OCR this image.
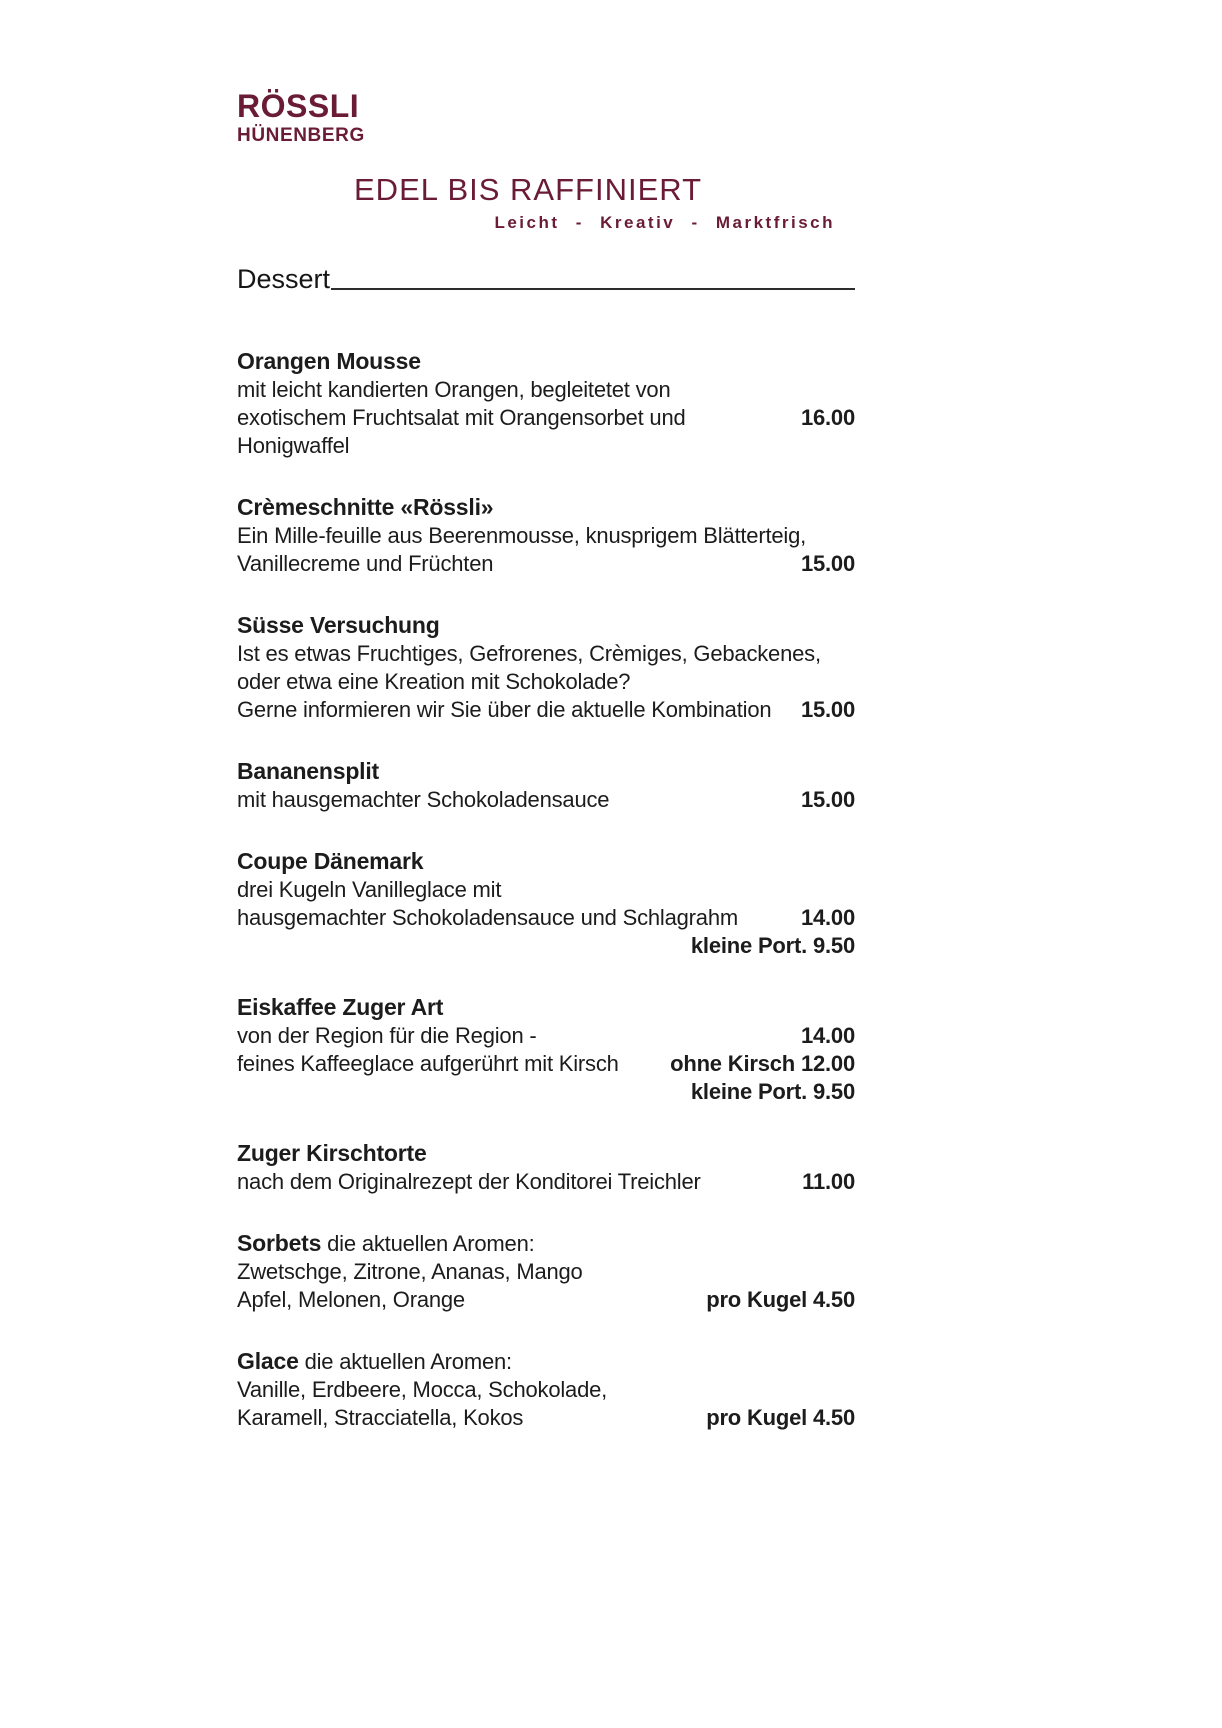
RÖSSLI
HÜNENBERG
EDEL BIS RAFFINIERT
Leicht - Kreativ - Marktfrisch
Dessert
Orangen Mousse
mit leicht kandierten Orangen, begleitetet von
exotischem Fruchtsalat mit Orangensorbet und Honigwaffel
16.00
Crèmeschnitte «Rössli»
Ein Mille-feuille aus Beerenmousse, knusprigem Blätterteig,
Vanillecreme und Früchten	15.00
Süsse Versuchung
Ist es etwas Fruchtiges, Gefrorenes, Crèmiges, Gebackenes,
oder etwa eine Kreation mit Schokolade?
Gerne informieren wir Sie über die aktuelle Kombination	15.00
Bananensplit
mit hausgemachter Schokoladensauce	15.00
Coupe Dänemark
drei Kugeln Vanilleglace mit
hausgemachter Schokoladensauce und Schlagrahm	14.00
kleine Port. 9.50
Eiskaffee Zuger Art
von der Region für die Region -	14.00
feines Kaffeeglace aufgerührt mit Kirsch	ohne Kirsch 12.00
kleine Port. 9.50
Zuger Kirschtorte
nach dem Originalrezept der Konditorei Treichler	11.00
Sorbets die aktuellen Aromen:
Zwetschge, Zitrone, Ananas, Mango
Apfel, Melonen, Orange	pro Kugel 4.50
Glace die aktuellen Aromen:
Vanille, Erdbeere, Mocca, Schokolade,
Karamell, Stracciatella, Kokos	pro Kugel 4.50
